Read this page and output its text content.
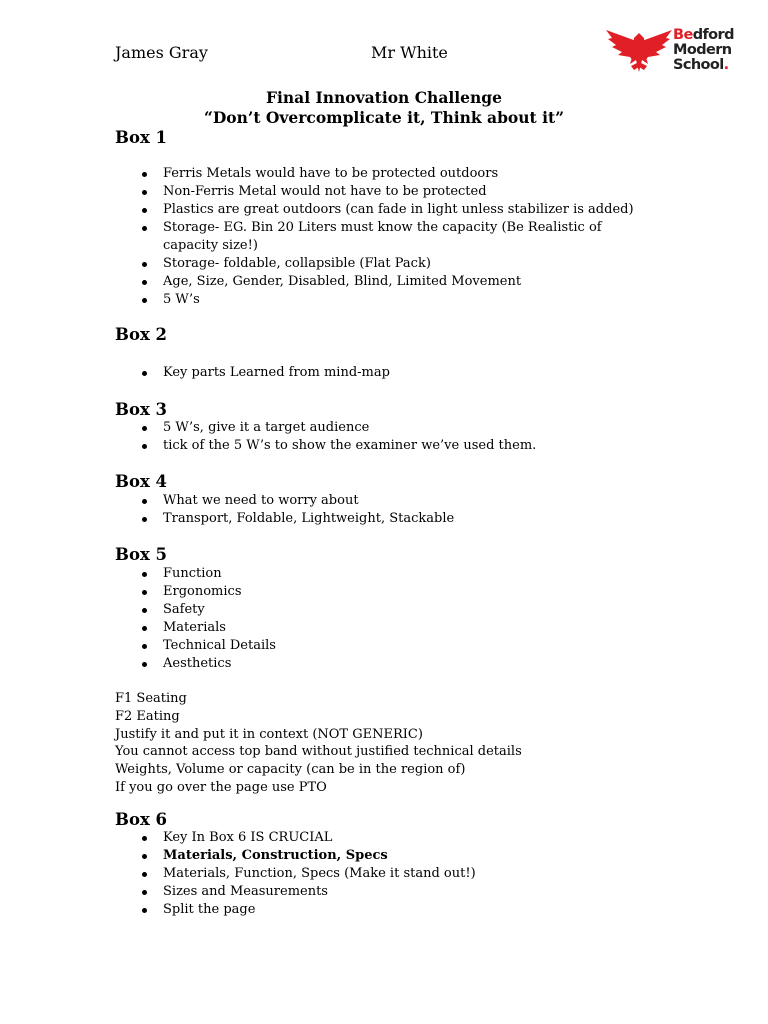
James Gray	Mr White
Bedford
Modern
School.
Final Innovation Challenge
“Don’t Overcomplicate it, Think about it”
Box 1
Ferris Metals would have to be protected outdoors
Non-Ferris Metal would not have to be protected
Plastics are great outdoors (can fade in light unless stabilizer is added)
Storage- EG. Bin 20 Liters must know the capacity (Be Realistic of
capacity size!)
Storage- foldable, collapsible (Flat Pack)
Age, Size, Gender, Disabled, Blind, Limited Movement
5 W’s
Box 2
Key parts Learned from mind-map
Box 3
5 W’s, give it a target audience
tick of the 5 W’s to show the examiner we’ve used them.
Box 4
What we need to worry about
Transport, Foldable, Lightweight, Stackable
Box 5
Function
Ergonomics
Safety
Materials
Technical Details
Aesthetics
F1 Seating
F2 Eating
Justify it and put it in context (NOT GENERIC)
You cannot access top band without justified technical details
Weights, Volume or capacity (can be in the region of)
If you go over the page use PTO
Box 6
Key In Box 6 IS CRUCIAL
Materials, Construction, Specs
Materials, Function, Specs (Make it stand out!)
Sizes and Measurements
Split the page
